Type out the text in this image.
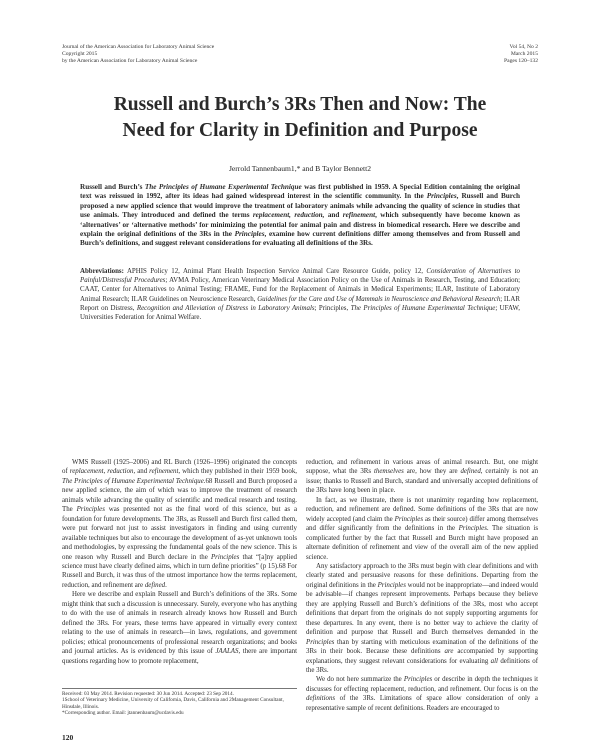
Journal of the American Association for Laboratory Animal Science
Copyright 2015
by the American Association for Laboratory Animal Science
Vol 54, No 2
March 2015
Pages 120–132
Russell and Burch’s 3Rs Then and Now: The
Need for Clarity in Definition and Purpose
Jerrold Tannenbaum1,* and B Taylor Bennett2
Russell and Burch’s The Principles of Humane Experimental Technique was first published in 1959. A Special Edition containing the original text was reissued in 1992, after its ideas had gained widespread interest in the scientific community. In the Principles, Russell and Burch proposed a new applied science that would improve the treatment of laboratory animals while advancing the quality of science in studies that use animals. They introduced and defined the terms replacement, reduction, and refinement, which subsequently have become known as ‘alternatives’ or ‘alternative methods’ for minimizing the potential for animal pain and distress in biomedical research. Here we describe and explain the original definitions of the 3Rs in the Principles, examine how current definitions differ among themselves and from Russell and Burch’s definitions, and suggest relevant considerations for evaluating all definitions of the 3Rs.
Abbreviations: APHIS Policy 12, Animal Plant Health Inspection Service Animal Care Resource Guide, policy 12, Consideration of Alternatives to Painful/Distressful Procedures; AVMA Policy, American Veterinary Medical Association Policy on the Use of Animals in Research, Testing, and Education; CAAT, Center for Alternatives to Animal Testing; FRAME, Fund for the Replacement of Animals in Medical Experiments; ILAR, Institute of Laboratory Animal Research; ILAR Guidelines on Neuroscience Research, Guidelines for the Care and Use of Mammals in Neuroscience and Behavioral Research; ILAR Report on Distress, Recognition and Alleviation of Distress in Laboratory Animals; Principles, The Principles of Humane Experimental Technique; UFAW, Universities Federation for Animal Welfare.

WMS Russell (1925–2006) and RL Burch (1926–1996) originated the concepts of replacement, reduction, and refinement, which they published in their 1959 book, The Principles of Humane Experimental Technique.68 Russell and Burch proposed a new applied science, the aim of which was to improve the treatment of research animals while advancing the quality of scientific and medical research and testing. The Principles was presented not as the final word of this science, but as a foundation for future developments. The 3Rs, as Russell and Burch first called them, were put forward not just to assist investigators in finding and using currently available techniques but also to encourage the development of as-yet unknown tools and methodologies, by expressing the fundamental goals of the new science. This is one reason why Russell and Burch declare in the Principles that “[a]ny applied science must have clearly defined aims, which in turn define priorities” (p 15).68 For Russell and Burch, it was thus of the utmost importance how the terms replacement, reduction, and refinement are defined.

Here we describe and explain Russell and Burch’s definitions of the 3Rs. Some might think that such a discussion is unnecessary. Surely, everyone who has anything to do with the use of animals in research already knows how Russell and Burch defined the 3Rs. For years, these terms have appeared in virtually every context relating to the use of animals in research—in laws, regulations, and government policies; ethical pronouncements of professional research organizations; and books and journal articles. As is evidenced by this issue of JAALAS, there are important questions regarding how to promote replacement,

Received: 03 May 2014. Revision requested: 30 Jun 2014. Accepted: 23 Sep 2014.
1School of Veterinary Medicine, University of California, Davis, California and 2Management Consultant, Hinsdale, Illinois.
*Corresponding author. Email: jtannenbaum@ucdavis.edu

reduction, and refinement in various areas of animal research. But, one might suppose, what the 3Rs themselves are, how they are defined, certainly is not an issue; thanks to Russell and Burch, standard and universally accepted definitions of the 3Rs have long been in place.

In fact, as we illustrate, there is not unanimity regarding how replacement, reduction, and refinement are defined. Some definitions of the 3Rs that are now widely accepted (and claim the Principles as their source) differ among themselves and differ significantly from the definitions in the Principles. The situation is complicated further by the fact that Russell and Burch might have proposed an alternate definition of refinement and view of the overall aim of the new applied science.

Any satisfactory approach to the 3Rs must begin with clear definitions and with clearly stated and persuasive reasons for these definitions. Departing from the original definitions in the Principles would not be inappropriate—and indeed would be advisable—if changes represent improvements. Perhaps because they believe they are applying Russell and Burch’s definitions of the 3Rs, most who accept definitions that depart from the originals do not supply supporting arguments for these departures. In any event, there is no better way to achieve the clarity of definition and purpose that Russell and Burch themselves demanded in the Principles than by starting with meticulous examination of the definitions of the 3Rs in their book. Because these definitions are accompanied by supporting explanations, they suggest relevant considerations for evaluating all definitions of the 3Rs.

We do not here summarize the Principles or describe in depth the techniques it discusses for effecting replacement, reduction, and refinement. Our focus is on the definitions of the 3Rs. Limitations of space allow consideration of only a representative sample of recent definitions. Readers are encouraged to

120
